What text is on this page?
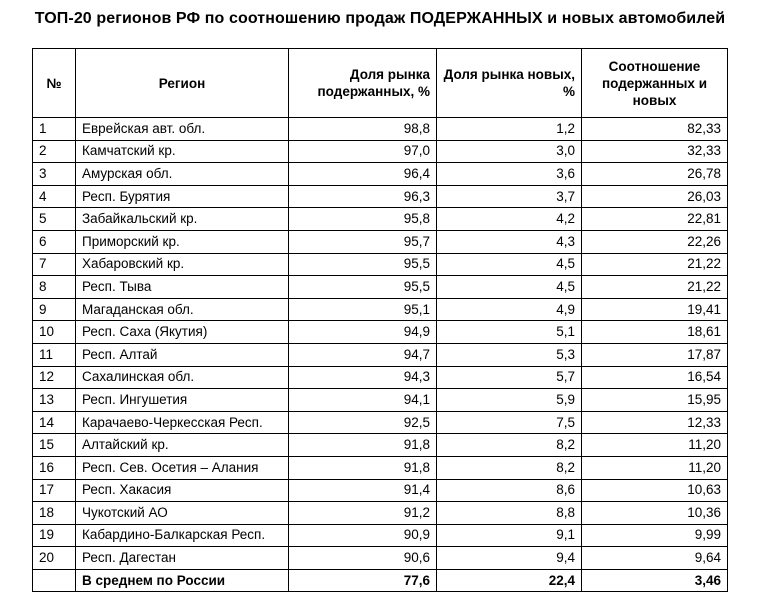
ТОП-20 регионов РФ по соотношению продаж ПОДЕРЖАННЫХ и новых автомобилей
№	Регион	Доля рынка подержанных, %	Доля рынка новых, %	Соотношение подержанных и новых
1	Еврейская авт. обл.	98,8	1,2	82,33
2	Камчатский кр.	97,0	3,0	32,33
3	Амурская обл.	96,4	3,6	26,78
4	Респ. Бурятия	96,3	3,7	26,03
5	Забайкальский кр.	95,8	4,2	22,81
6	Приморский кр.	95,7	4,3	22,26
7	Хабаровский кр.	95,5	4,5	21,22
8	Респ. Тыва	95,5	4,5	21,22
9	Магаданская обл.	95,1	4,9	19,41
10	Респ. Саха (Якутия)	94,9	5,1	18,61
11	Респ. Алтай	94,7	5,3	17,87
12	Сахалинская обл.	94,3	5,7	16,54
13	Респ. Ингушетия	94,1	5,9	15,95
14	Карачаево-Черкесская Респ.	92,5	7,5	12,33
15	Алтайский кр.	91,8	8,2	11,20
16	Респ. Сев. Осетия – Алания	91,8	8,2	11,20
17	Респ. Хакасия	91,4	8,6	10,63
18	Чукотский АО	91,2	8,8	10,36
19	Кабардино-Балкарская Респ.	90,9	9,1	9,99
20	Респ. Дагестан	90,6	9,4	9,64
	В среднем по России	77,6	22,4	3,46
